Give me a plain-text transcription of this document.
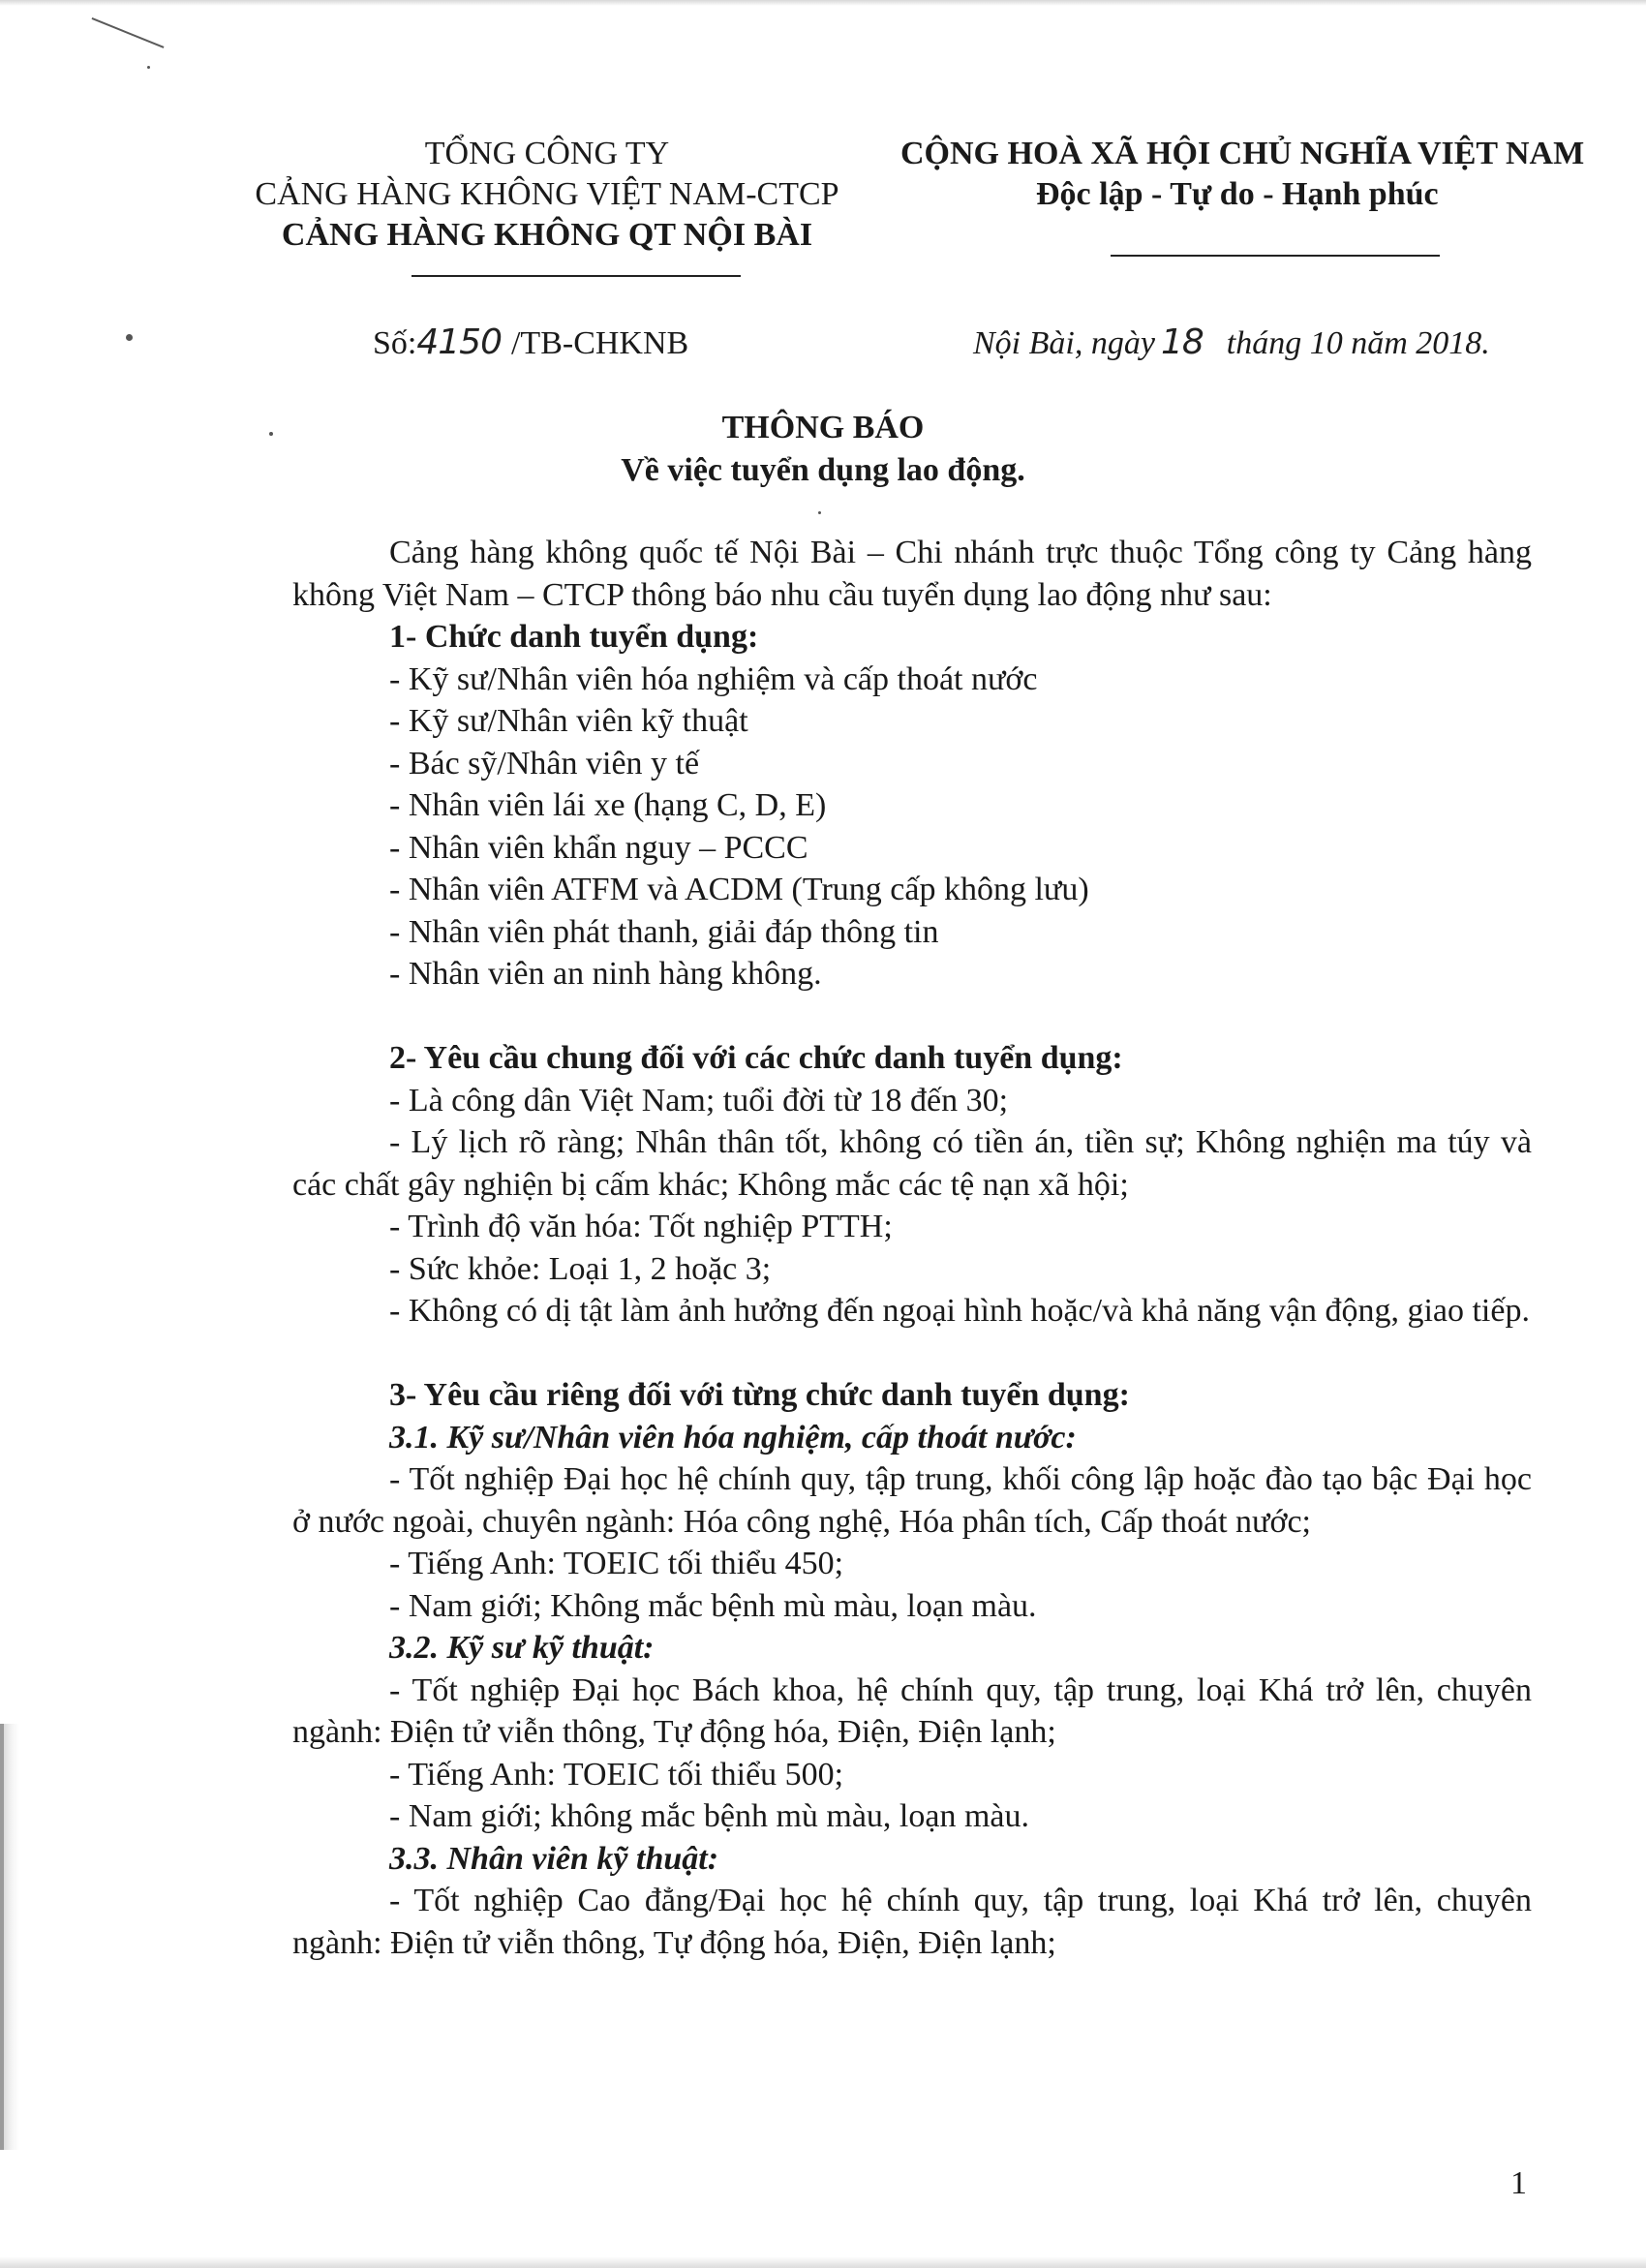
TỔNG CÔNG TY
CẢNG HÀNG KHÔNG VIỆT NAM-CTCP
CẢNG HÀNG KHÔNG QT NỘI BÀI
CỘNG HOÀ XÃ HỘI CHỦ NGHĨA VIỆT NAM
Độc lập - Tự do - Hạnh phúc
Số:4150 /TB-CHKNB	Nội Bài, ngày 18 tháng 10 năm 2018.
THÔNG BÁO
Về việc tuyển dụng lao động.

Cảng hàng không quốc tế Nội Bài – Chi nhánh trực thuộc Tổng công ty Cảng hàng không Việt Nam – CTCP thông báo nhu cầu tuyển dụng lao động như sau:

1- Chức danh tuyển dụng:

- Kỹ sư/Nhân viên hóa nghiệm và cấp thoát nước

- Kỹ sư/Nhân viên kỹ thuật

- Bác sỹ/Nhân viên y tế

- Nhân viên lái xe (hạng C, D, E)

- Nhân viên khẩn nguy – PCCC

- Nhân viên ATFM và ACDM (Trung cấp không lưu)

- Nhân viên phát thanh, giải đáp thông tin

- Nhân viên an ninh hàng không.

2- Yêu cầu chung đối với các chức danh tuyển dụng:

- Là công dân Việt Nam; tuổi đời từ 18 đến 30;

- Lý lịch rõ ràng; Nhân thân tốt, không có tiền án, tiền sự; Không nghiện ma túy và các chất gây nghiện bị cấm khác; Không mắc các tệ nạn xã hội;

- Trình độ văn hóa: Tốt nghiệp PTTH;

- Sức khỏe: Loại 1, 2 hoặc 3;

- Không có dị tật làm ảnh hưởng đến ngoại hình hoặc/và khả năng vận động, giao tiếp.

3- Yêu cầu riêng đối với từng chức danh tuyển dụng:

3.1. Kỹ sư/Nhân viên hóa nghiệm, cấp thoát nước:

- Tốt nghiệp Đại học hệ chính quy, tập trung, khối công lập hoặc đào tạo bậc Đại học ở nước ngoài, chuyên ngành: Hóa công nghệ, Hóa phân tích, Cấp thoát nước;

- Tiếng Anh: TOEIC tối thiểu 450;

- Nam giới; Không mắc bệnh mù màu, loạn màu.

3.2. Kỹ sư kỹ thuật:

- Tốt nghiệp Đại học Bách khoa, hệ chính quy, tập trung, loại Khá trở lên, chuyên ngành: Điện tử viễn thông, Tự động hóa, Điện, Điện lạnh;

- Tiếng Anh: TOEIC tối thiểu 500;

- Nam giới; không mắc bệnh mù màu, loạn màu.

3.3. Nhân viên kỹ thuật:

- Tốt nghiệp Cao đẳng/Đại học hệ chính quy, tập trung, loại Khá trở lên, chuyên ngành: Điện tử viễn thông, Tự động hóa, Điện, Điện lạnh;

1
